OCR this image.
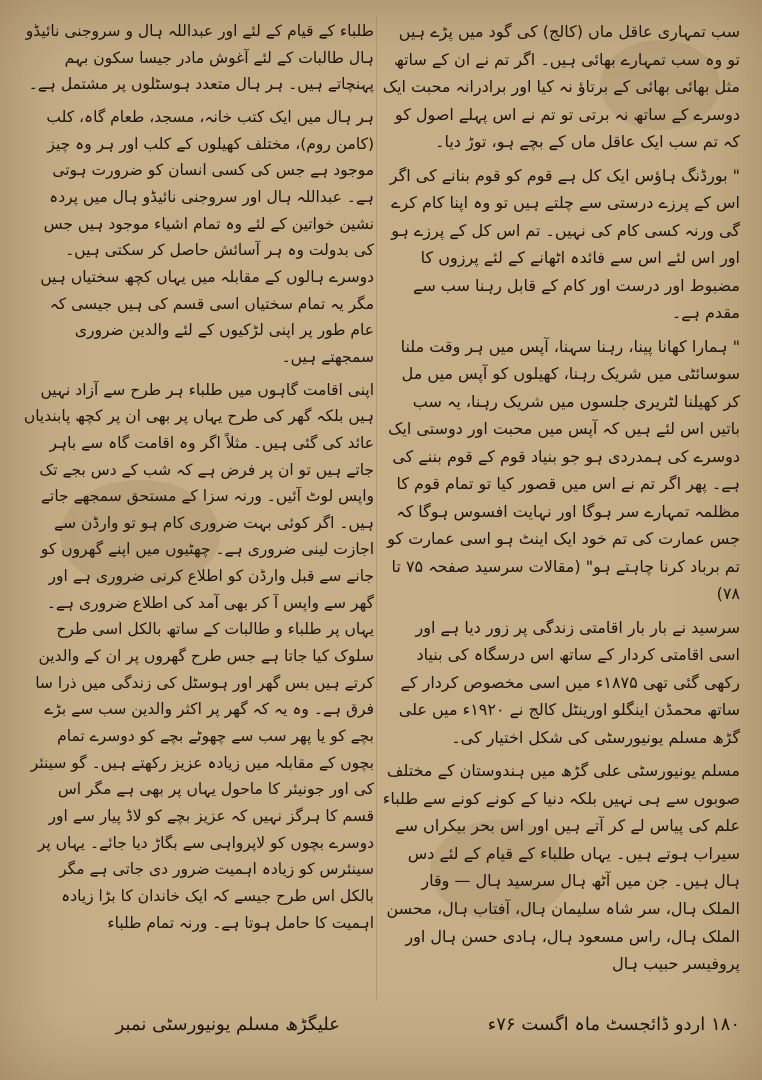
سب تمہاری عاقل ماں (کالج) کی گود میں پڑے ہیں تو وہ سب تمہارے بھائی ہیں۔ اگر تم نے ان کے ساتھ مثل بھائی بھائی کے برتاؤ نہ کیا اور برادرانہ محبت ایک دوسرے کے ساتھ نہ برتی تو تم نے اس پہلے اصول کو کہ تم سب ایک عاقل ماں کے بچے ہو، توڑ دیا۔

" بورڈنگ ہاؤس ایک کل ہے قوم کو قوم بنانے کی اگر اس کے پرزے درستی سے چلتے ہیں تو وہ اپنا کام کرے گی ورنہ کسی کام کی نہیں۔ تم اس کل کے پرزے ہو اور اس لئے اس سے فائدہ اٹھانے کے لئے پرزوں کا مضبوط اور درست اور کام کے قابل رہنا سب سے مقدم ہے۔

" ہمارا کھانا پینا، رہنا سہنا، آپس میں ہر وقت ملنا سوسائٹی میں شریک رہنا، کھیلوں کو آپس میں مل کر کھیلنا لٹریری جلسوں میں شریک رہنا، یہ سب باتیں اس لئے ہیں کہ آپس میں محبت اور دوستی ایک دوسرے کی ہمدردی ہو جو بنیاد قوم کے قوم بننے کی ہے۔ پھر اگر تم نے اس میں قصور کیا تو تمام قوم کا مظلمہ تمہارے سر ہوگا اور نہایت افسوس ہوگا کہ جس عمارت کی تم خود ایک اینٹ ہو اسی عمارت کو تم برباد کرنا چاہتے ہو" (مقالات سرسید صفحہ ۷۵ تا ۷۸)

سرسید نے بار بار اقامتی زندگی پر زور دیا ہے اور اسی اقامتی کردار کے ساتھ اس درسگاہ کی بنیاد رکھی گئی تھی ۱۸۷۵ء میں اسی مخصوص کردار کے ساتھ محمڈن اینگلو اورینٹل کالج نے ۱۹۲۰ء میں علی گڑھ مسلم یونیورسٹی کی شکل اختیار کی۔

مسلم یونیورسٹی علی گڑھ میں ہندوستان کے مختلف صوبوں سے ہی نہیں بلکہ دنیا کے کونے کونے سے طلباء علم کی پیاس لے کر آتے ہیں اور اس بحر بیکراں سے سیراب ہوتے ہیں۔ یہاں طلباء کے قیام کے لئے دس ہال ہیں۔ جن میں آٹھ ہال سرسید ہال — وقار الملک ہال، سر شاہ سلیمان ہال، آفتاب ہال، محسن الملک ہال، راس مسعود ہال، ہادی حسن ہال اور پروفیسر حبیب ہال

طلباء کے قیام کے لئے اور عبداللہ ہال و سروجنی نائیڈو ہال طالبات کے لئے آغوش مادر جیسا سکون بہم پہنچاتے ہیں۔ ہر ہال متعدد ہوسٹلوں پر مشتمل ہے۔

ہر ہال میں ایک کتب خانہ، مسجد، طعام گاہ، کلب (کامن روم)، مختلف کھیلوں کے کلب اور ہر وہ چیز موجود ہے جس کی کسی انسان کو ضرورت ہوتی ہے۔ عبداللہ ہال اور سروجنی نائیڈو ہال میں پردہ نشین خواتین کے لئے وہ تمام اشیاء موجود ہیں جس کی بدولت وہ ہر آسائش حاصل کر سکتی ہیں۔ دوسرے ہالوں کے مقابلہ میں یہاں کچھ سختیاں ہیں مگر یہ تمام سختیاں اسی قسم کی ہیں جیسی کہ عام طور پر اپنی لڑکیوں کے لئے والدین ضروری سمجھتے ہیں۔

اپنی اقامت گاہوں میں طلباء ہر طرح سے آزاد نہیں ہیں بلکہ گھر کی طرح یہاں پر بھی ان پر کچھ پابندیاں عائد کی گئی ہیں۔ مثلاً اگر وہ اقامت گاہ سے باہر جاتے ہیں تو ان پر فرض ہے کہ شب کے دس بجے تک واپس لوٹ آئیں۔ ورنہ سزا کے مستحق سمجھے جاتے ہیں۔ اگر کوئی بہت ضروری کام ہو تو وارڈن سے اجازت لینی ضروری ہے۔ چھٹیوں میں اپنے گھروں کو جانے سے قبل وارڈن کو اطلاع کرنی ضروری ہے اور گھر سے واپس آ کر بھی آمد کی اطلاع ضروری ہے۔ یہاں پر طلباء و طالبات کے ساتھ بالکل اسی طرح سلوک کیا جاتا ہے جس طرح گھروں پر ان کے والدین کرتے ہیں بس گھر اور ہوسٹل کی زندگی میں ذرا سا فرق ہے۔ وہ یہ کہ گھر پر اکثر والدین سب سے بڑے بچے کو یا پھر سب سے چھوٹے بچے کو دوسرے تمام بچوں کے مقابلہ میں زیادہ عزیز رکھتے ہیں۔ گو سینئر کی اور جونیئر کا ماحول یہاں پر بھی ہے مگر اس قسم کا ہرگز نہیں کہ عزیز بچے کو لاڈ پیار سے اور دوسرے بچوں کو لاپرواہی سے بگاڑ دیا جائے۔ یہاں پر سینئرس کو زیادہ اہمیت ضرور دی جاتی ہے مگر بالکل اس طرح جیسے کہ ایک خاندان کا بڑا زیادہ اہمیت کا حامل ہوتا ہے۔ ورنہ تمام طلباء

۱۸۰ اردو ڈائجسٹ ماہ اگست ۷۶ء
علیگڑھ مسلم یونیورسٹی نمبر
